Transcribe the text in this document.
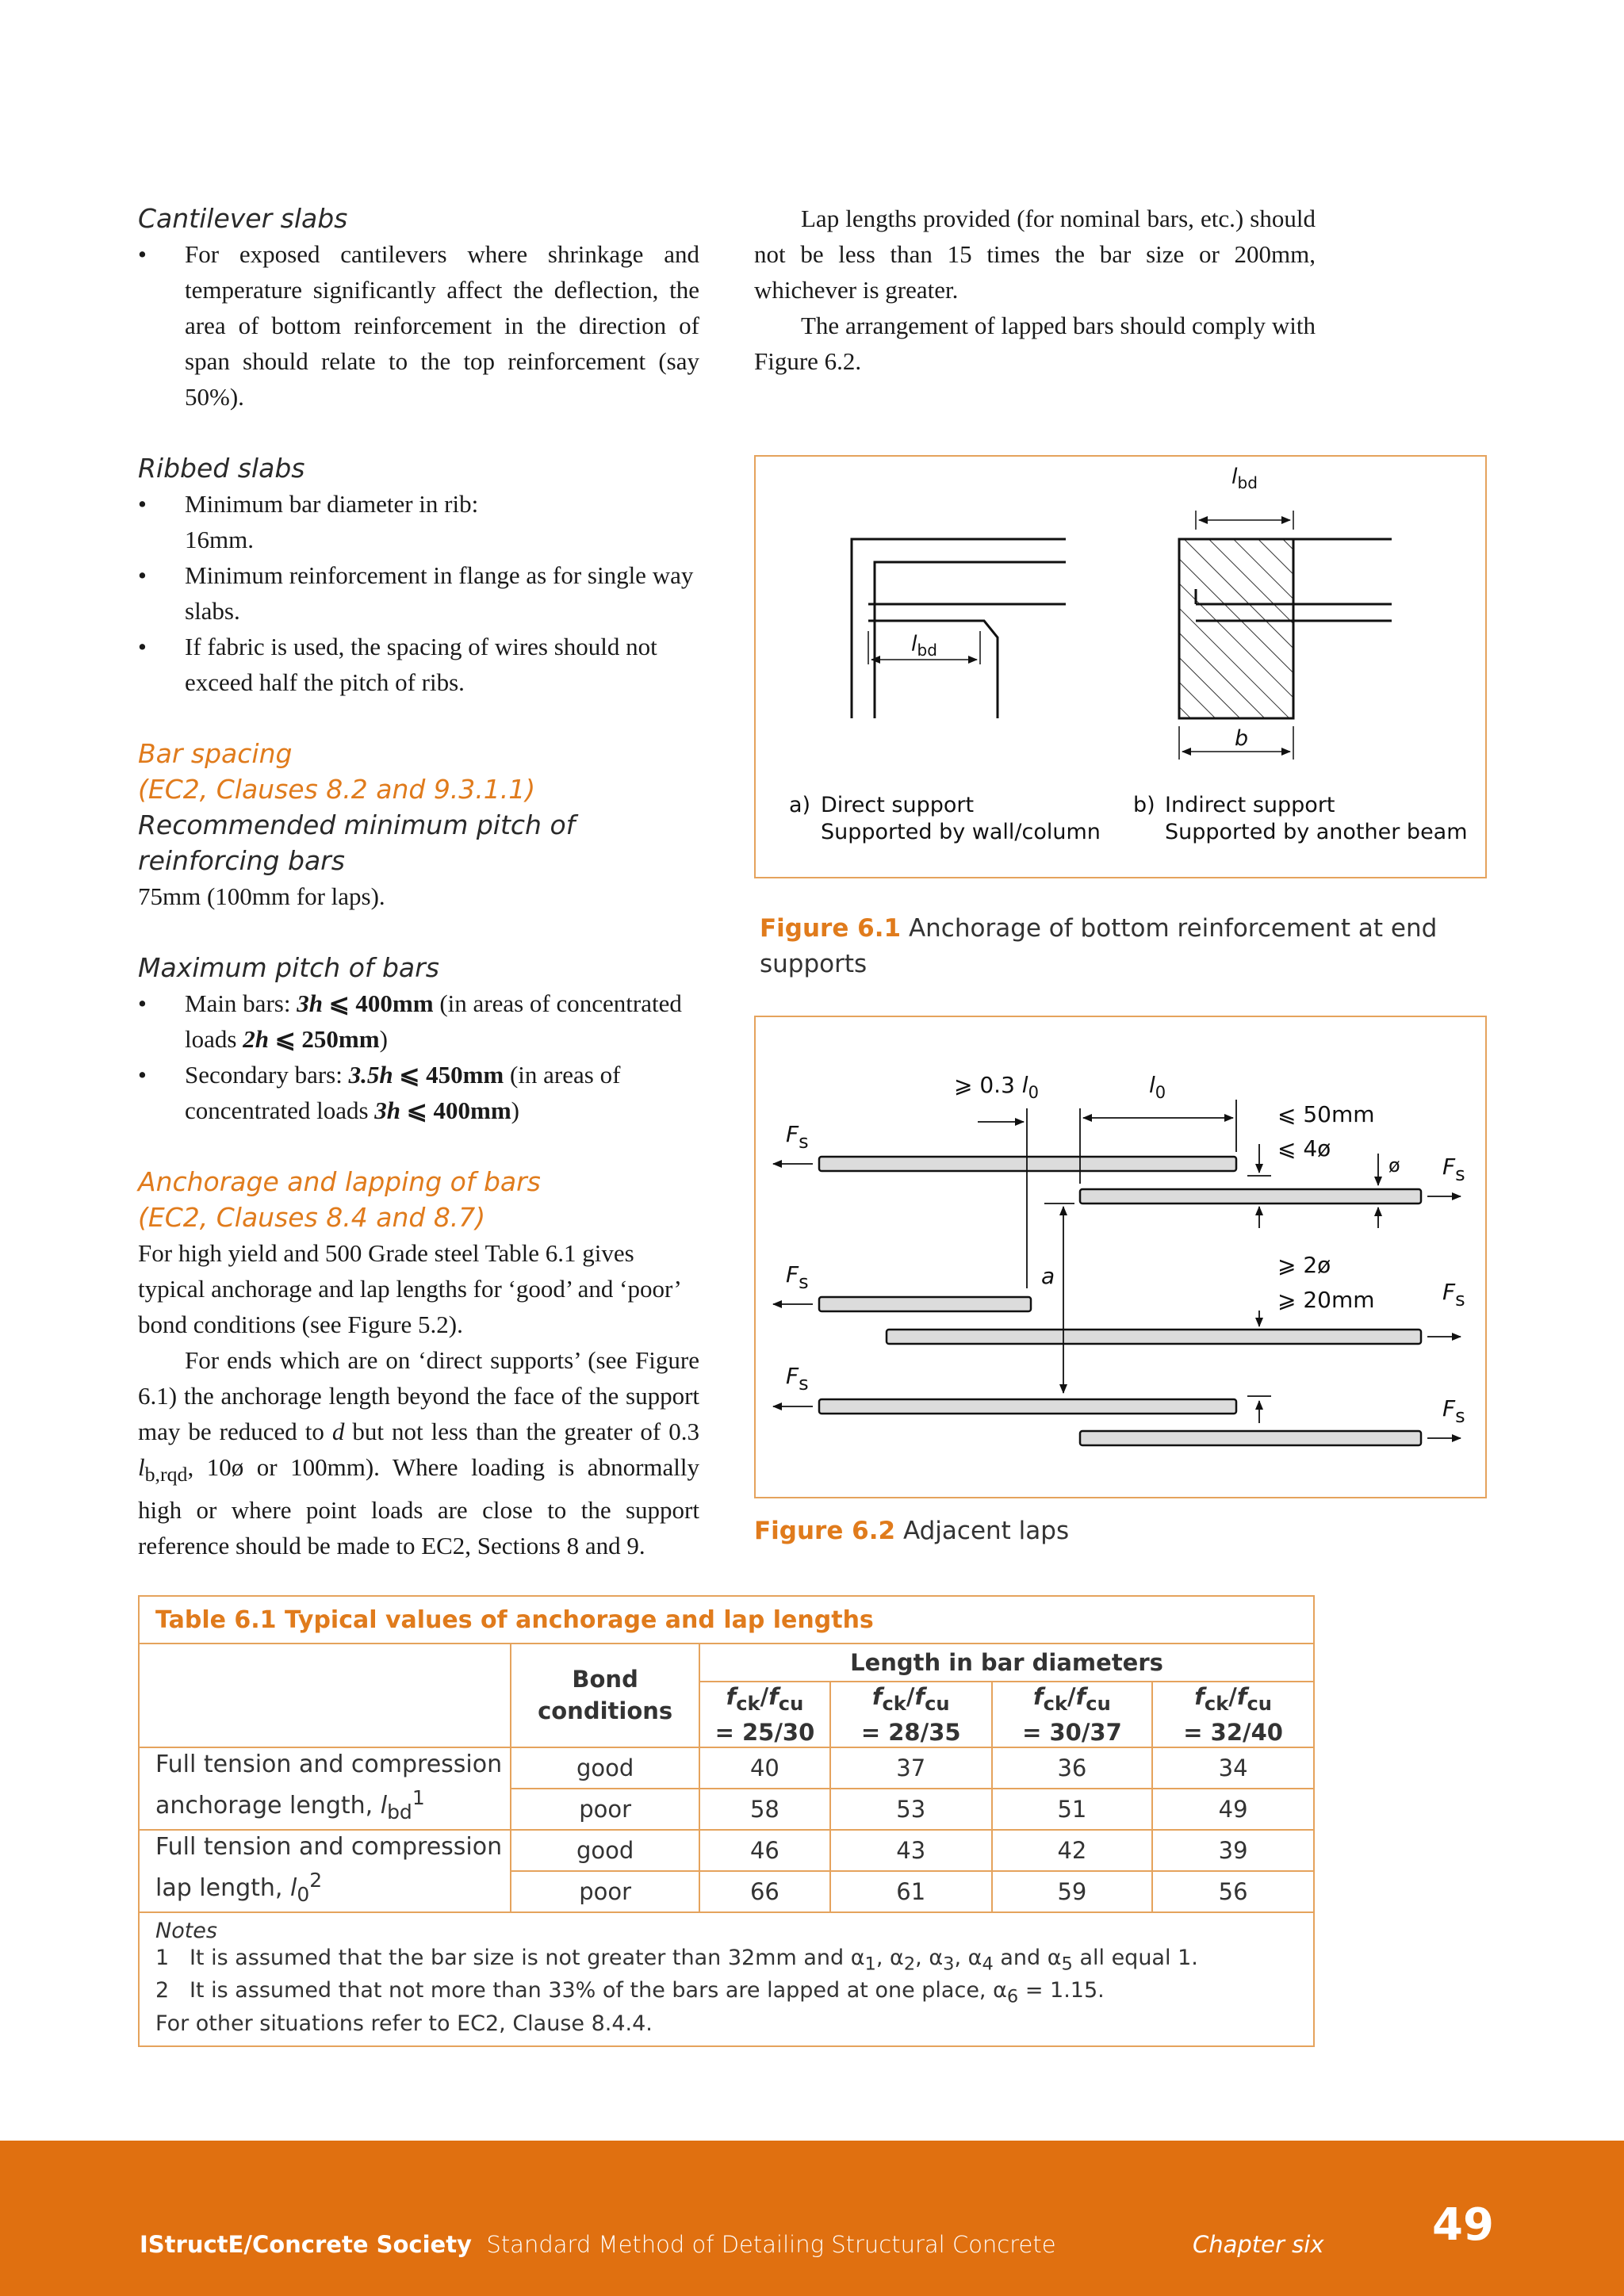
Cantilever slabs
• For exposed cantilevers where shrinkage and temperature significantly affect the deflection, the area of bottom reinforcement in the direction of span should relate to the top reinforcement (say 50%).
Ribbed slabs
• Minimum bar diameter in rib:
16mm.
• Minimum reinforcement in flange as for single way slabs.
• If fabric is used, the spacing of wires should not exceed half the pitch of ribs.
Bar spacing
(EC2, Clauses 8.2 and 9.3.1.1)
Recommended minimum pitch of reinforcing bars

75mm (100mm for laps).

Maximum pitch of bars
• Main bars: 3h ⩽ 400mm (in areas of concentrated loads 2h ⩽ 250mm)
• Secondary bars: 3.5h ⩽ 450mm (in areas of concentrated loads 3h ⩽ 400mm)
Anchorage and lapping of bars
(EC2, Clauses 8.4 and 8.7)

For high yield and 500 Grade steel Table 6.1 gives typical anchorage and lap lengths for ‘good’ and ‘poor’ bond conditions (see Figure 5.2).

For ends which are on ‘direct supports’ (see Figure 6.1) the anchorage length beyond the face of the support may be reduced to d but not less than the greater of 0.3 $l_{b,rqd}$, 10ø or 100mm). Where loading is abnormally high or where point loads are close to the support reference should be made to EC2, Sections 8 and 9.

Lap lengths provided (for nominal bars, etc.) should not be less than 15 times the bar size or 200mm, whichever is greater.

The arrangement of lapped bars should comply with Figure 6.2.

$l_{bd}$
$l_{bd}$
b
a) Direct support
Supported by wall/column
b) Indirect support
Supported by another beam
Figure 6.1 Anchorage of bottom reinforcement at end supports
⩾ 0.3 $l_0$	$l_0$
⩽ 50mm
⩽ 4ø
ø
a	⩾ 2ø
⩾ 20mm
Fs
Fs
Fs	Fs
Fs
Fs
Figure 6.2 Adjacent laps
Table 6.1 Typical values of anchorage and lap lengths					
	Bond
conditions	Length in bar diameters			
		$f_{ck}/f_{cu}$
= 25/30	$f_{ck}/f_{cu}$
= 28/35	$f_{ck}/f_{cu}$
= 30/37	$f_{ck}/f_{cu}$
= 32/40
Full tension and compression
anchorage length, $l_{bd}^1$	good	40	37	36	34
	poor	58	53	51	49
Full tension and compression
lap length, $l_0^2$	good	46	43	42	39
	poor	66	61	59	56
Notes
1 It is assumed that the bar size is not greater than 32mm and $\alpha_1$, $\alpha_2$, $\alpha_3$, $\alpha_4$ and $\alpha_5$ all equal 1.
2 It is assumed that not more than 33% of the bars are lapped at one place, $\alpha_6 = 1.15$.
For other situations refer to EC2, Clause 8.4.4.					
IStructE/Concrete Society Standard Method of Detailing Structural Concrete	Chapter six 49
